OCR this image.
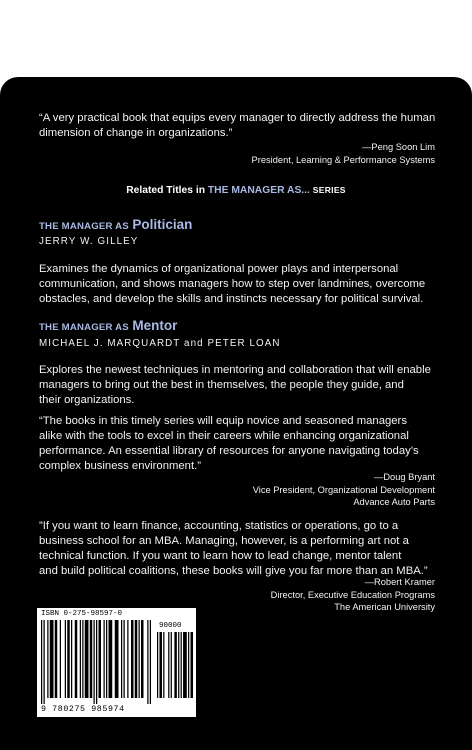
“A very practical book that equips every manager to directly address the human
dimension of change in organizations.”
—Peng Soon Lim
President, Learning & Performance Systems
Related Titles in THE MANAGER AS... SERIES
THE MANAGER AS Politician
JERRY W. GILLEY
Examines the dynamics of organizational power plays and interpersonal
communication, and shows managers how to step over landmines, overcome
obstacles, and develop the skills and instincts necessary for political survival.
THE MANAGER AS Mentor
MICHAEL J. MARQUARDT and PETER LOAN
Explores the newest techniques in mentoring and collaboration that will enable
managers to bring out the best in themselves, the people they guide, and
their organizations.
“The books in this timely series will equip novice and seasoned managers
alike with the tools to excel in their careers while enhancing organizational
performance. An essential library of resources for anyone navigating today’s
complex business environment.”
—Doug Bryant
Vice President, Organizational Development
Advance Auto Parts
”If you want to learn finance, accounting, statistics or operations, go to a
business school for an MBA. Managing, however, is a performing art not a
technical function. If you want to learn how to lead change, mentor talent
and build political coalitions, these books will give you far more than an MBA.”
—Robert Kramer
Director, Executive Education Programs
The American University
ISBN 0-275-98597-0
90000
9 780275 985974
